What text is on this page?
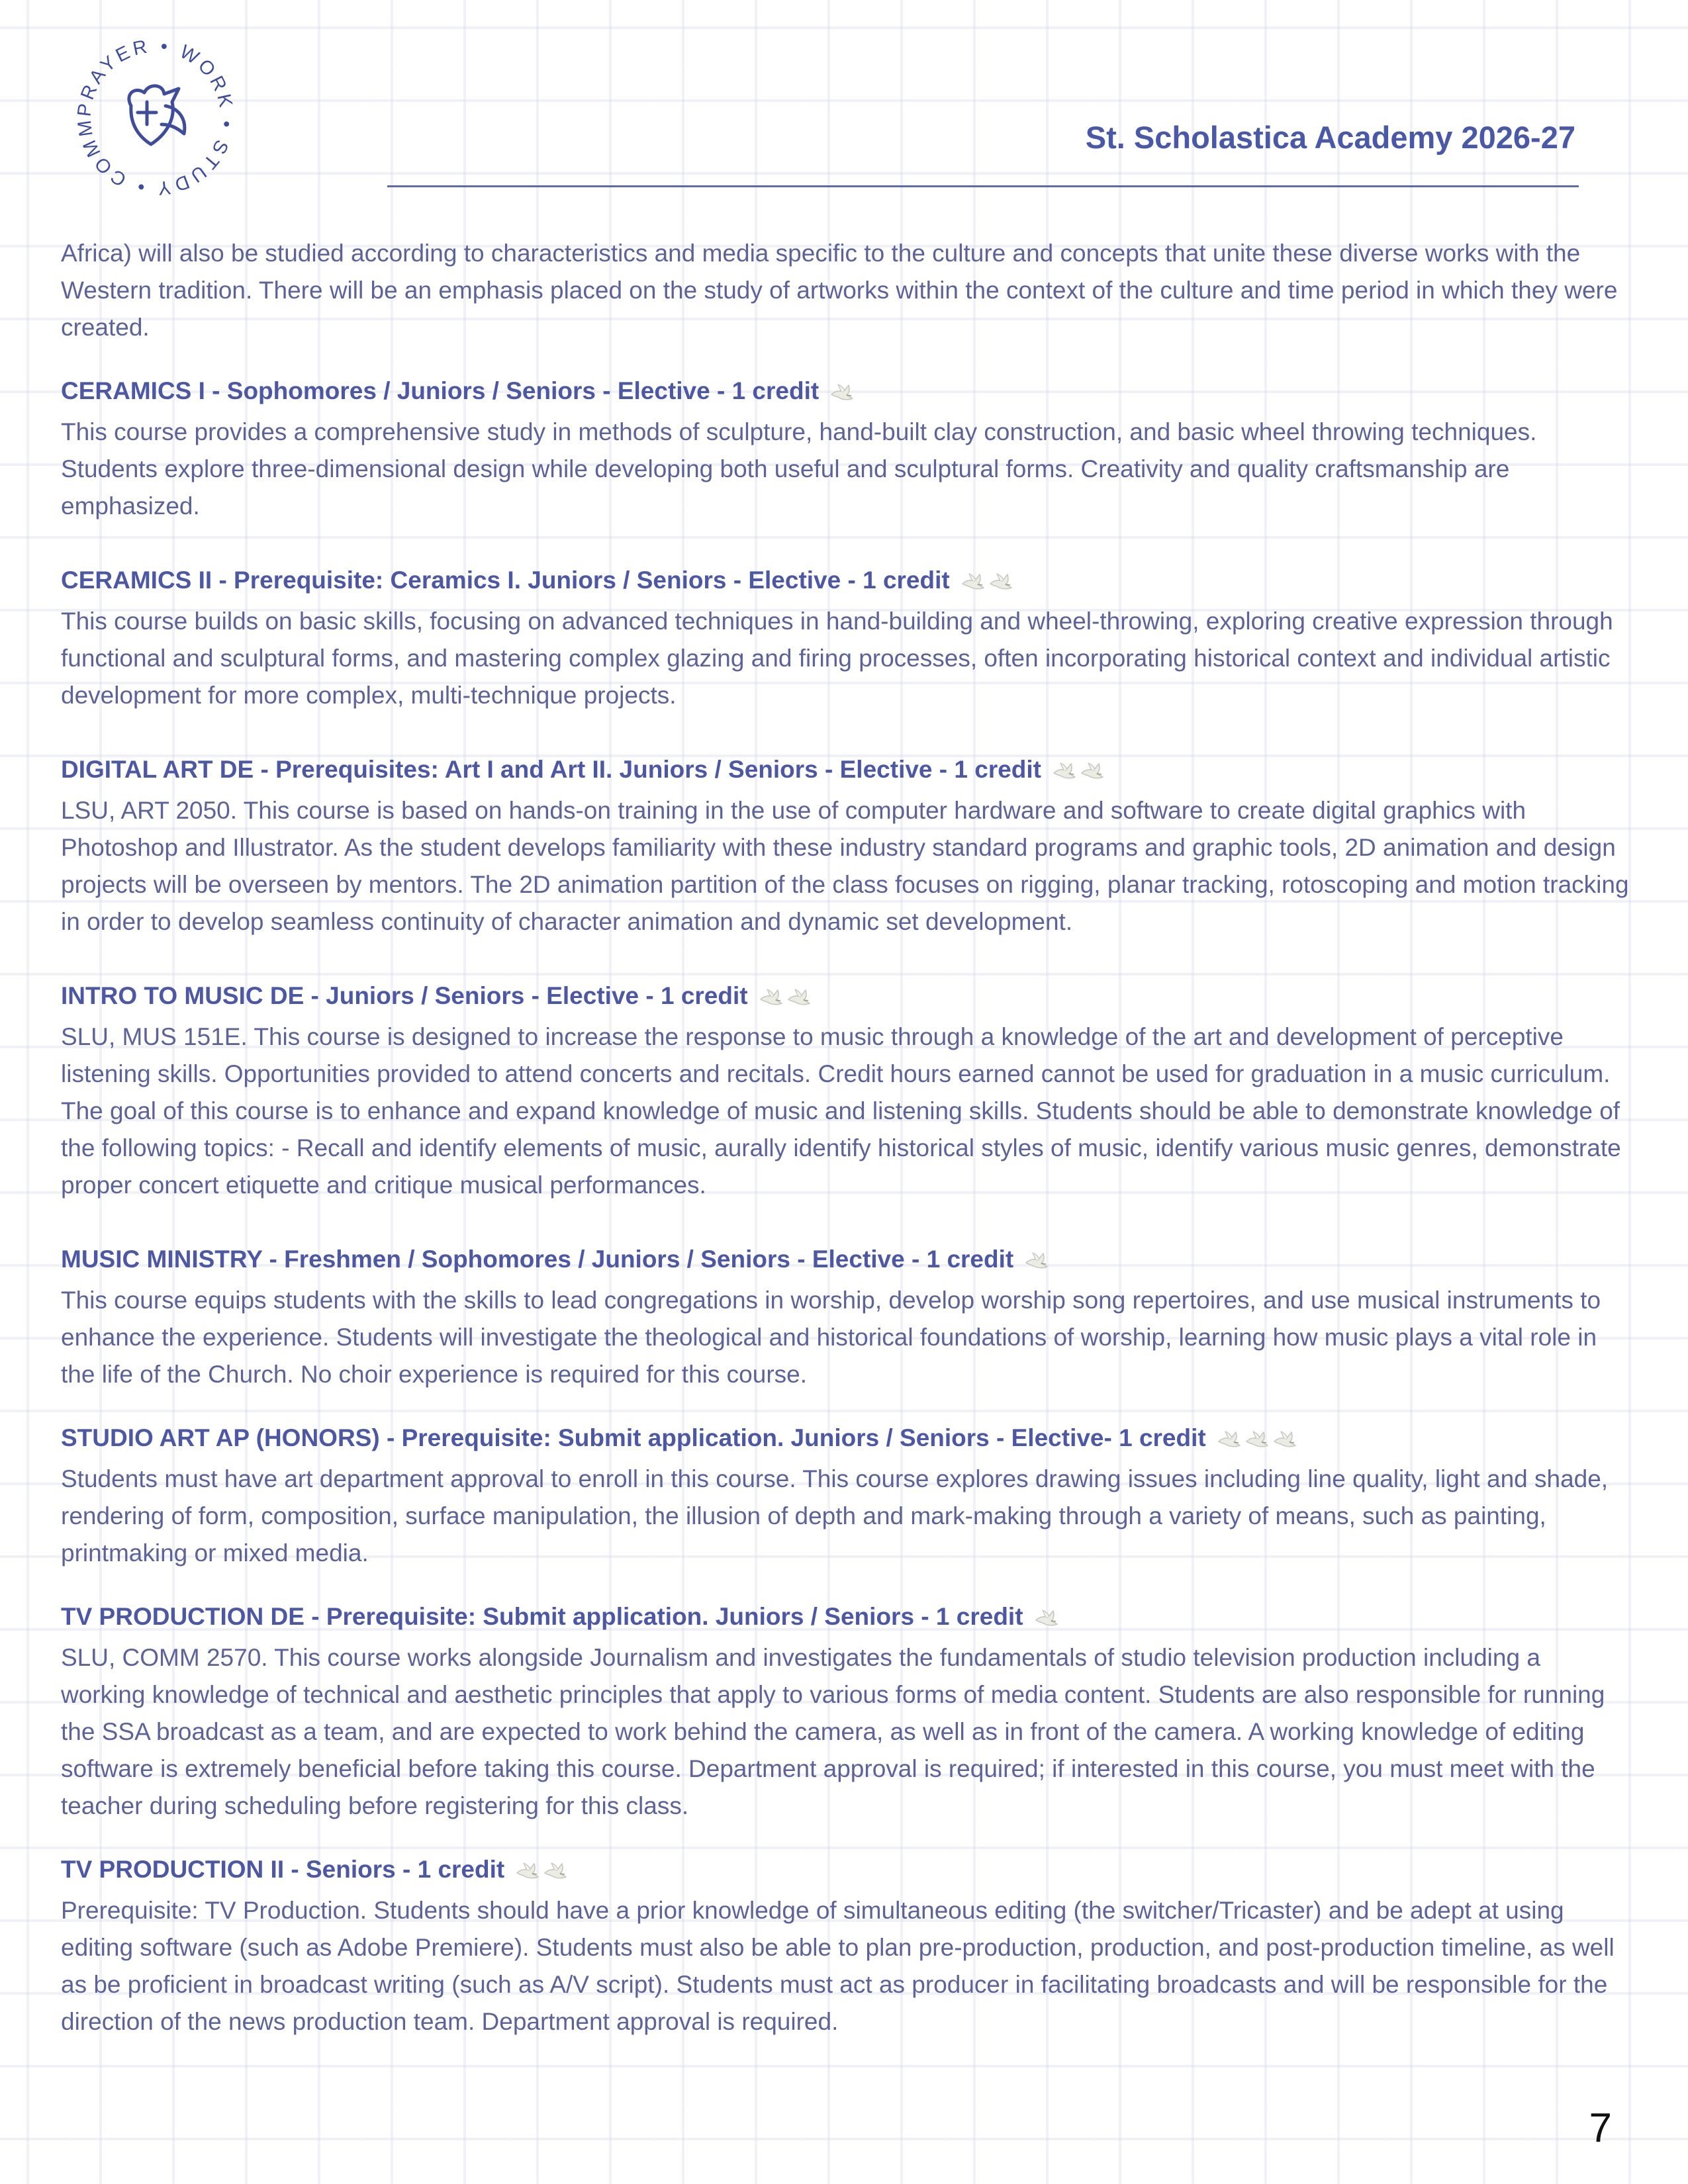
PRAYER • WORK • STUDY • COMM	St. Scholastica Academy 2026-27

Africa) will also be studied according to characteristics and media specific to the culture and concepts that unite these diverse works with the Western tradition. There will be an emphasis placed on the study of artworks within the context of the culture and time period in which they were created.

CERAMICS I - Sophomores / Juniors / Seniors - Elective - 1 credit

This course provides a comprehensive study in methods of sculpture, hand-built clay construction, and basic wheel throwing techniques. Students explore three-dimensional design while developing both useful and sculptural forms. Creativity and quality craftsmanship are emphasized.

CERAMICS II - Prerequisite: Ceramics I. Juniors / Seniors - Elective - 1 credit

This course builds on basic skills, focusing on advanced techniques in hand-building and wheel-throwing, exploring creative expression through functional and sculptural forms, and mastering complex glazing and firing processes, often incorporating historical context and individual artistic development for more complex, multi-technique projects.

DIGITAL ART DE - Prerequisites: Art I and Art II. Juniors / Seniors - Elective - 1 credit

LSU, ART 2050. This course is based on hands-on training in the use of computer hardware and software to create digital graphics with Photoshop and Illustrator. As the student develops familiarity with these industry standard programs and graphic tools, 2D animation and design projects will be overseen by mentors. The 2D animation partition of the class focuses on rigging, planar tracking, rotoscoping and motion tracking in order to develop seamless continuity of character animation and dynamic set development.

INTRO TO MUSIC DE - Juniors / Seniors - Elective - 1 credit

SLU, MUS 151E. This course is designed to increase the response to music through a knowledge of the art and development of perceptive listening skills. Opportunities provided to attend concerts and recitals. Credit hours earned cannot be used for graduation in a music curriculum. The goal of this course is to enhance and expand knowledge of music and listening skills. Students should be able to demonstrate knowledge of the following topics: - Recall and identify elements of music, aurally identify historical styles of music, identify various music genres, demonstrate proper concert etiquette and critique musical performances.

MUSIC MINISTRY - Freshmen / Sophomores / Juniors / Seniors - Elective - 1 credit

This course equips students with the skills to lead congregations in worship, develop worship song repertoires, and use musical instruments to enhance the experience. Students will investigate the theological and historical foundations of worship, learning how music plays a vital role in the life of the Church. No choir experience is required for this course.

STUDIO ART AP (HONORS) - Prerequisite: Submit application. Juniors / Seniors - Elective- 1 credit

Students must have art department approval to enroll in this course. This course explores drawing issues including line quality, light and shade, rendering of form, composition, surface manipulation, the illusion of depth and mark-making through a variety of means, such as painting, printmaking or mixed media.

TV PRODUCTION DE - Prerequisite: Submit application. Juniors / Seniors - 1 credit

SLU, COMM 2570. This course works alongside Journalism and investigates the fundamentals of studio television production including a working knowledge of technical and aesthetic principles that apply to various forms of media content. Students are also responsible for running the SSA broadcast as a team, and are expected to work behind the camera, as well as in front of the camera. A working knowledge of editing software is extremely beneficial before taking this course. Department approval is required; if interested in this course, you must meet with the teacher during scheduling before registering for this class.

TV PRODUCTION II - Seniors - 1 credit

Prerequisite: TV Production. Students should have a prior knowledge of simultaneous editing (the switcher/Tricaster) and be adept at using editing software (such as Adobe Premiere). Students must also be able to plan pre-production, production, and post-production timeline, as well as be proficient in broadcast writing (such as A/V script). Students must act as producer in facilitating broadcasts and will be responsible for the direction of the news production team. Department approval is required.

7
